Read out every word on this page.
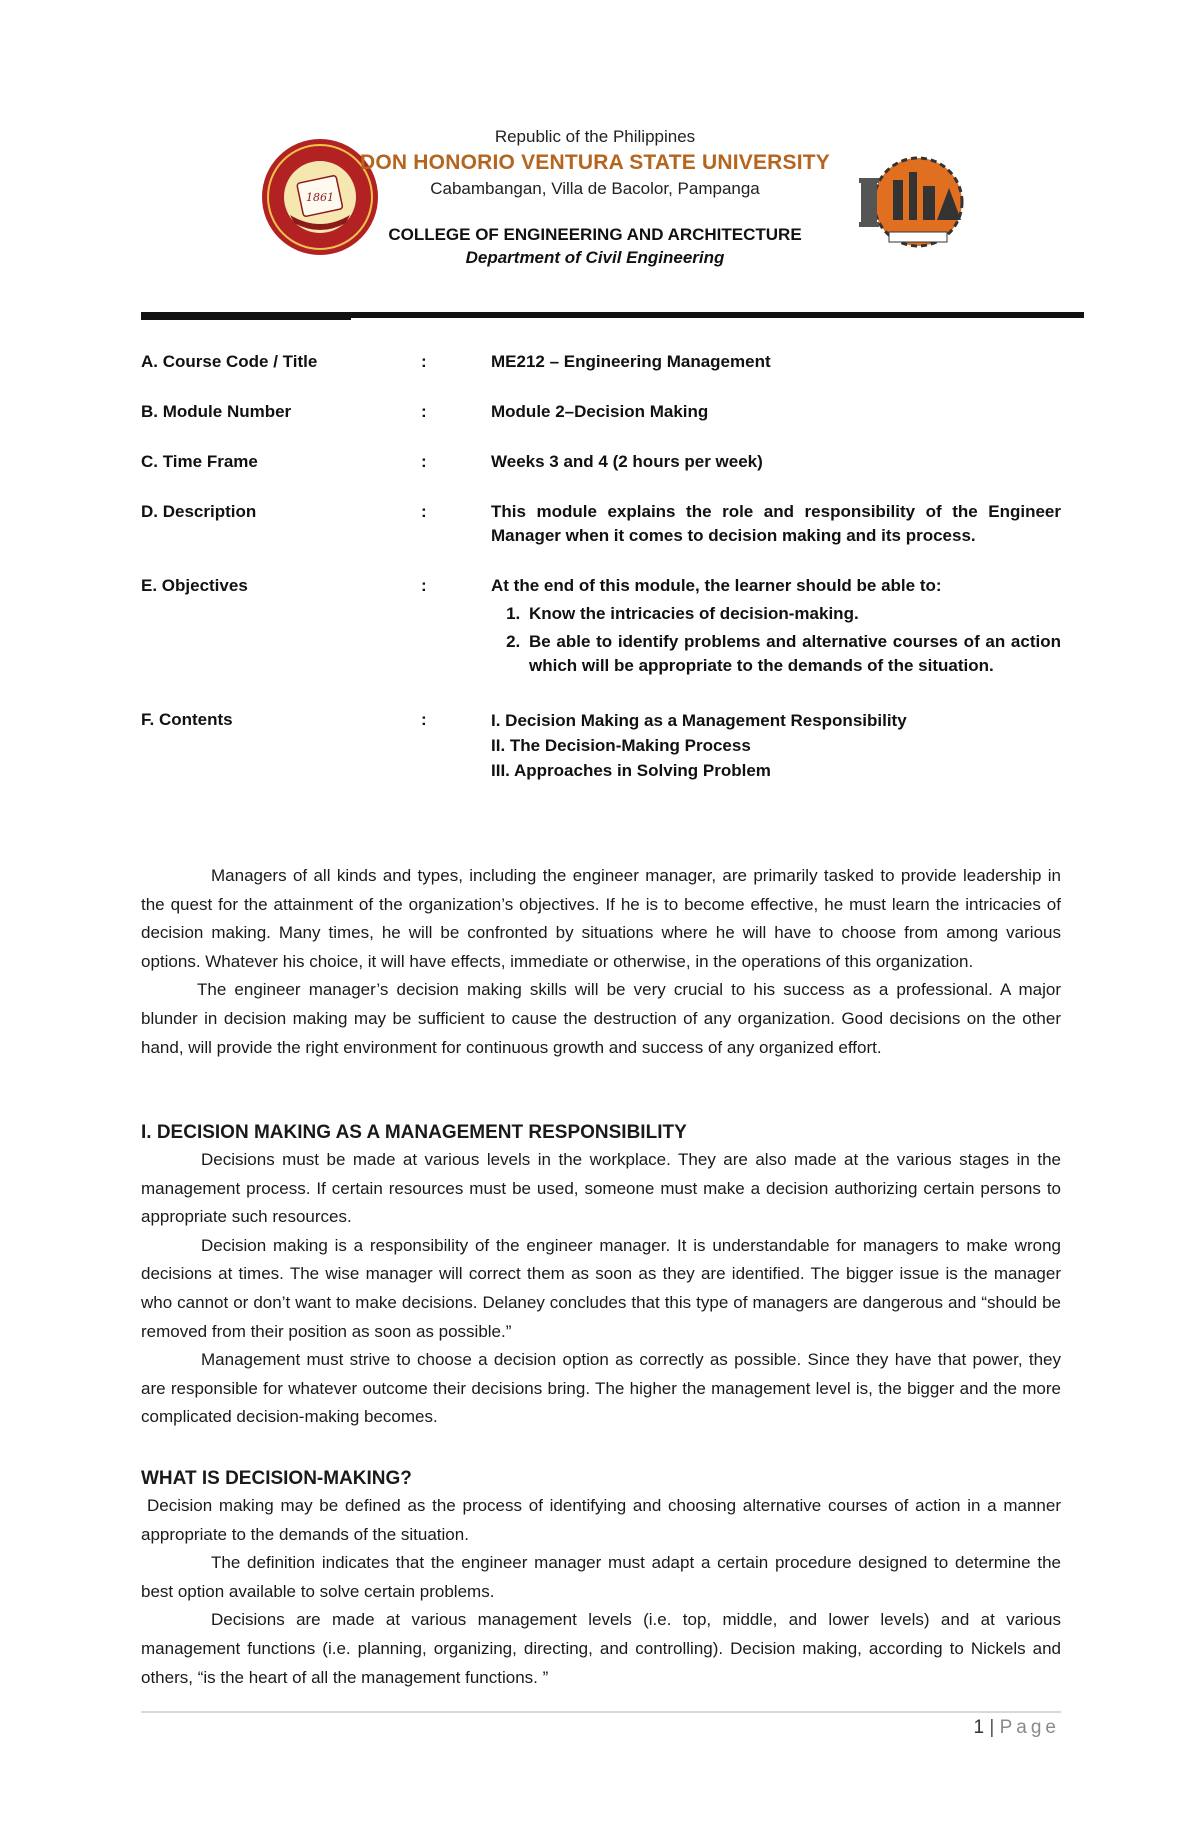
1861
Republic of the Philippines
DON HONORIO VENTURA STATE UNIVERSITY
Cabambangan, Villa de Bacolor, Pampanga
COLLEGE OF ENGINEERING AND ARCHITECTURE
Department of Civil Engineering
A. Course Code / Title	:	ME212 – Engineering Management
B. Module Number	:	Module 2–Decision Making
C. Time Frame	:	Weeks 3 and 4 (2 hours per week)
D. Description	:	This module explains the role and responsibility of the Engineer Manager when it comes to decision making and its process.
E. Objectives	:	At the end of this module, the learner should be able to:
1. Know the intricacies of decision-making.
2. Be able to identify problems and alternative courses of an action which will be appropriate to the demands of the situation.
F. Contents	:	I. Decision Making as a Management Responsibility
II. The Decision-Making Process
III. Approaches in Solving Problem

Managers of all kinds and types, including the engineer manager, are primarily tasked to provide leadership in the quest for the attainment of the organization’s objectives. If he is to become effective, he must learn the intricacies of decision making. Many times, he will be confronted by situations where he will have to choose from among various options. Whatever his choice, it will have effects, immediate or otherwise, in the operations of this organization.

The engineer manager’s decision making skills will be very crucial to his success as a professional. A major blunder in decision making may be sufficient to cause the destruction of any organization. Good decisions on the other hand, will provide the right environment for continuous growth and success of any organized effort.

I. DECISION MAKING AS A MANAGEMENT RESPONSIBILITY

Decisions must be made at various levels in the workplace. They are also made at the various stages in the management process. If certain resources must be used, someone must make a decision authorizing certain persons to appropriate such resources.

Decision making is a responsibility of the engineer manager. It is understandable for managers to make wrong decisions at times. The wise manager will correct them as soon as they are identified. The bigger issue is the manager who cannot or don’t want to make decisions. Delaney concludes that this type of managers are dangerous and “should be removed from their position as soon as possible.”

Management must strive to choose a decision option as correctly as possible. Since they have that power, they are responsible for whatever outcome their decisions bring. The higher the management level is, the bigger and the more complicated decision-making becomes.

WHAT IS DECISION-MAKING?

Decision making may be defined as the process of identifying and choosing alternative courses of action in a manner appropriate to the demands of the situation.

The definition indicates that the engineer manager must adapt a certain procedure designed to determine the best option available to solve certain problems.

Decisions are made at various management levels (i.e. top, middle, and lower levels) and at various management functions (i.e. planning, organizing, directing, and controlling). Decision making, according to Nickels and others, “is the heart of all the management functions. ”

1 | Page
